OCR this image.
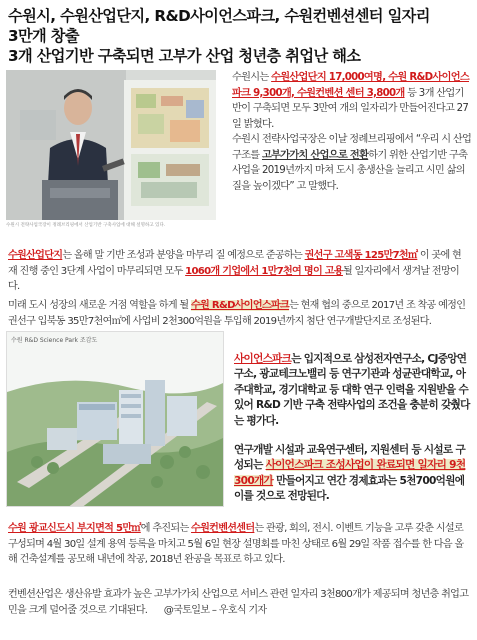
수원시, 수원산업단지, R&D사이언스파크, 수원컨벤션센터 일자리
3만개 창출
3개 산업기반 구축되면 고부가 산업 청년층 취업난 해소
수원시 전략사업국장이 정례브리핑에서 산업기반 구축사업에 대해 설명하고 있다.
수원시는 수원산업단지 17,000여명, 수원 R&D사이언스파크 9,300개, 수원컨벤션 센터 3,800개 등 3개 산업기반이 구축되면 모두 3만여 개의 일자리가 만들어진다고 27일 밝혔다.
수원시 전략사업국장은 이날 정례브리핑에서 “우리 시 산업구조를 고부가가치 산업으로 전환하기 위한 산업기반 구축사업을 2019년까지 마쳐 도시 총생산을 늘리고 시민 삶의 질을 높이겠다” 고 말했다.
수원산업단지는 올해 말 기반 조성과 분양을 마무리 질 예정으로 준공하는 권선구 고색동 125만7천㎡ 이 곳에 현재 진행 중인 3단계 사업이 마무리되면 모두 1060개 기업에서 1만7천여 명이 고용될 일자리에서 생겨날 전망이다.
미래 도시 성장의 새로운 거점 역할을 하게 될 수원 R&D사이언스파크는 현재 협의 중으로 2017년 조 착공 예정인 권선구 입북동 35만7천여㎡에 사업비 2천300억원을 투입해 2019년까지 첨단 연구개발단지로 조성된다.
수원 R&D Science Park 조감도
사이언스파크는 입지적으로 삼성전자연구소, CJ중앙연구소, 광교테크노밸리 등 연구기관과 성균관대학교, 아주대학교, 경기대학교 등 대학 연구 인력을 지원받을 수 있어 R&D 기반 구축 전략사업의 조건을 충분히 갖췄다는 평가다.
연구개발 시설과 교육연구센터, 지원센터 등 시설로 구성되는 사이언스파크 조성사업이 완료되면 일자리 9천300개가 만들어지고 연간 경제효과는 5천700억원에 이를 것으로 전망된다.
수원 광교신도시 부지면적 5만㎡에 추진되는 수원컨벤션센터는 관광, 회의, 전시. 이벤트 기능을 고루 갖춘 시설로 구성되며 4월 30일 설계 용역 등록을 마치고 5월 6일 현장 설명회를 마친 상태로 6월 29일 작품 접수를 한 다음 올해 건축설계를 공모해 내년에 착공, 2018년 완공을 목표로 하고 있다.
컨벤션산업은 생산유발 효과가 높은 고부가가치 산업으로 서비스 관련 일자리 3천800개가 제공되며 청년층 취업고민을 크게 덜어줄 것으로 기대된다. @국토일보 – 우호식 기자
